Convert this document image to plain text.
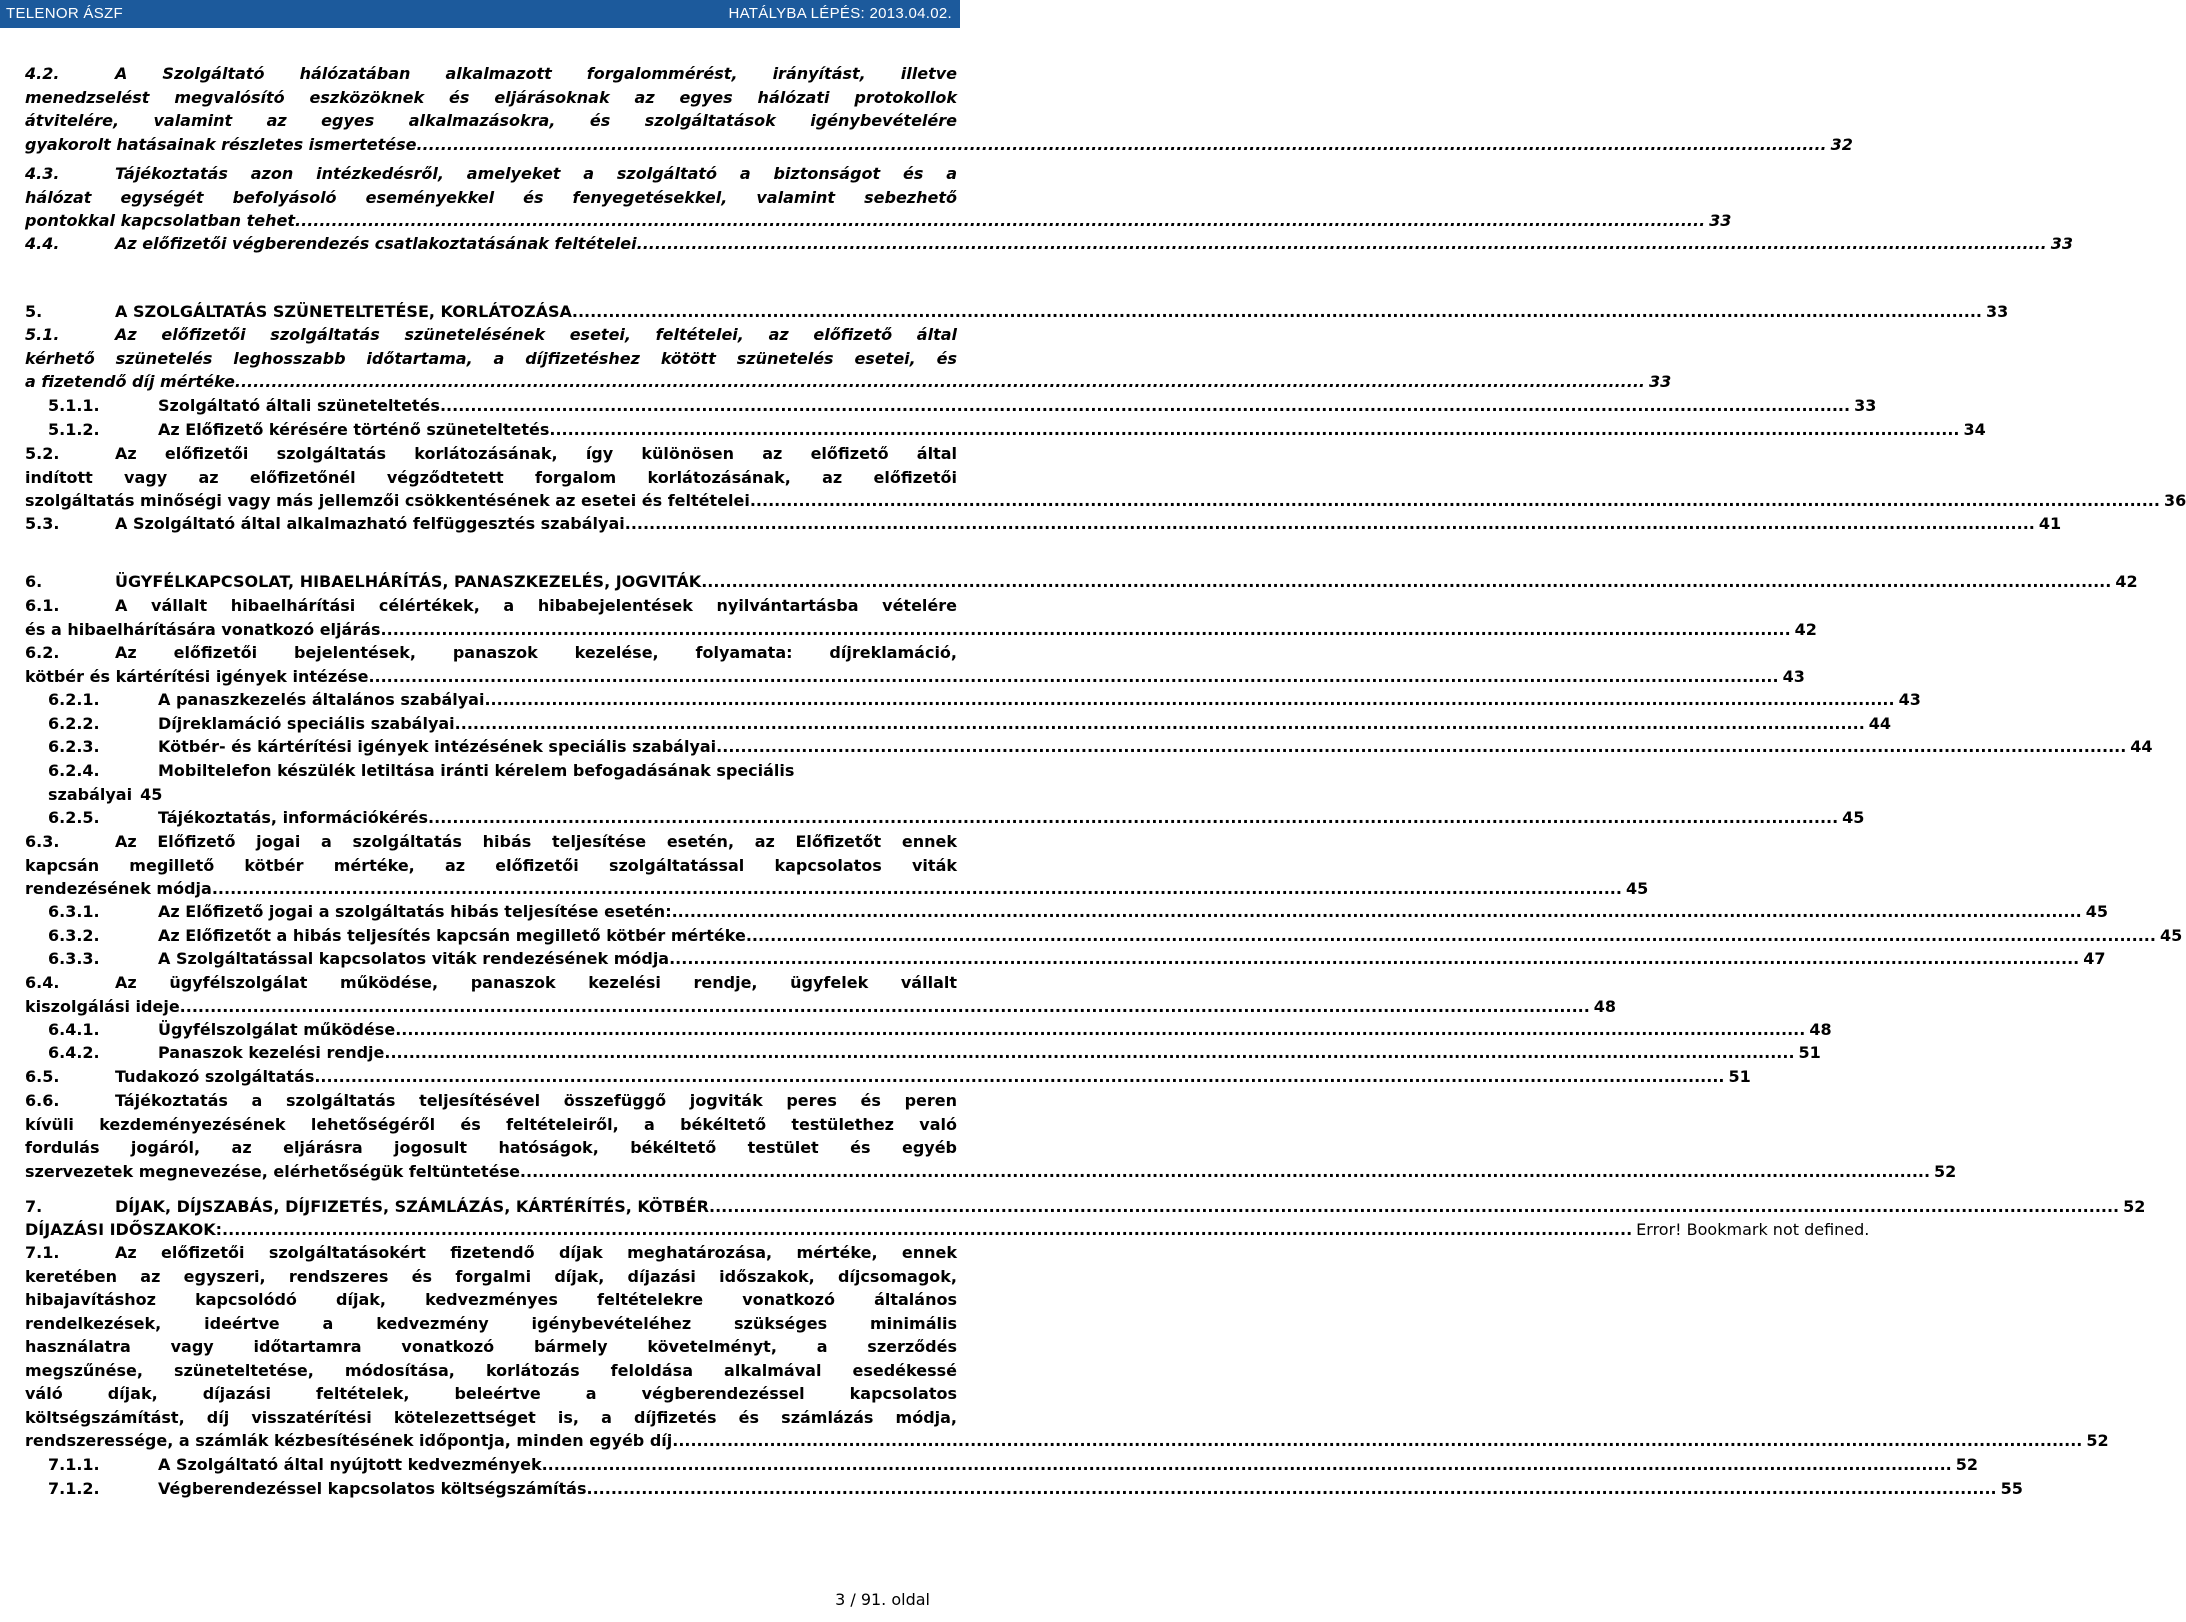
TELENOR ÁSZF	HATÁLYBA LÉPÉS: 2013.04.02.
4.2.	A Szolgáltató hálózatában alkalmazott forgalommérést, irányítást, illetve
menedzselést megvalósító eszközöknek és eljárásoknak az egyes hálózati protokollok
átvitelére, valamint az egyes alkalmazásokra, és szolgáltatások igénybevételére
gyakorolt hatásainak részletes ismertetése .....	32
4.3.	Tájékoztatás azon intézkedésről, amelyeket a szolgáltató a biztonságot és a
hálózat egységét befolyásoló eseményekkel és fenyegetésekkel, valamint sebezhető
pontokkal kapcsolatban tehet .....	33
4.4.	Az előfizetői végberendezés csatlakoztatásának feltételei .....	33
5.	A SZOLGÁLTATÁS SZÜNETELTETÉSE, KORLÁTOZÁSA .....	33
5.1.	Az előfizetői szolgáltatás szünetelésének esetei, feltételei, az előfizető által
kérhető szünetelés leghosszabb időtartama, a díjfizetéshez kötött szünetelés esetei, és
a fizetendő díj mértéke .....	33
5.1.1.	Szolgáltató általi szüneteltetés .....	33
5.1.2.	Az Előfizető kérésére történő szüneteltetés .....	34
5.2.	Az előfizetői szolgáltatás korlátozásának, így különösen az előfizető által
indított vagy az előfizetőnél végződtetett forgalom korlátozásának, az előfizetői
szolgáltatás minőségi vagy más jellemzői csökkentésének az esetei és feltételei .....	36
5.3.	A Szolgáltató által alkalmazható felfüggesztés szabályai .....	41
6.	ÜGYFÉLKAPCSOLAT, HIBAELHÁRÍTÁS, PANASZKEZELÉS, JOGVITÁK .....	42
6.1.	A vállalt hibaelhárítási célértékek, a hibabejelentések nyilvántartásba vételére
és a hibaelhárítására vonatkozó eljárás .....	42
6.2.	Az előfizetői bejelentések, panaszok kezelése, folyamata: díjreklamáció,
kötbér és kártérítési igények intézése .....	43
6.2.1.	A panaszkezelés általános szabályai .....	43
6.2.2.	Díjreklamáció speciális szabályai .....	44
6.2.3.	Kötbér- és kártérítési igények intézésének speciális szabályai .....	44
6.2.4.	Mobiltelefon készülék letiltása iránti kérelem befogadásának speciális
szabályai 45
6.2.5.	Tájékoztatás, információkérés .....	45
6.3.	Az Előfizető jogai a szolgáltatás hibás teljesítése esetén, az Előfizetőt ennek
kapcsán megillető kötbér mértéke, az előfizetői szolgáltatással kapcsolatos viták
rendezésének módja .....	45
6.3.1.	Az Előfizető jogai a szolgáltatás hibás teljesítése esetén: .....	45
6.3.2.	Az Előfizetőt a hibás teljesítés kapcsán megillető kötbér mértéke .....	45
6.3.3.	A Szolgáltatással kapcsolatos viták rendezésének módja .....	47
6.4.	Az ügyfélszolgálat működése, panaszok kezelési rendje, ügyfelek vállalt
kiszolgálási ideje .....	48
6.4.1.	Ügyfélszolgálat működése .....	48
6.4.2.	Panaszok kezelési rendje .....	51
6.5.	Tudakozó szolgáltatás .....	51
6.6.	Tájékoztatás a szolgáltatás teljesítésével összefüggő jogviták peres és peren
kívüli kezdeményezésének lehetőségéről és feltételeiről, a békéltető testülethez való
fordulás jogáról, az eljárásra jogosult hatóságok, békéltető testület és egyéb
szervezetek megnevezése, elérhetőségük feltüntetése .....	52
7.	DÍJAK, DÍJSZABÁS, DÍJFIZETÉS, SZÁMLÁZÁS, KÁRTÉRÍTÉS, KÖTBÉR .....	52
DÍJAZÁSI IDŐSZAKOK: .....	Error! Bookmark not defined.
7.1.	Az előfizetői szolgáltatásokért fizetendő díjak meghatározása, mértéke, ennek
keretében az egyszeri, rendszeres és forgalmi díjak, díjazási időszakok, díjcsomagok,
hibajavításhoz kapcsolódó díjak, kedvezményes feltételekre vonatkozó általános
rendelkezések, ideértve a kedvezmény igénybevételéhez szükséges minimális
használatra vagy időtartamra vonatkozó bármely követelményt, a szerződés
megszűnése, szüneteltetése, módosítása, korlátozás feloldása alkalmával esedékessé
váló díjak, díjazási feltételek, beleértve a végberendezéssel kapcsolatos
költségszámítást, díj visszatérítési kötelezettséget is, a díjfizetés és számlázás módja,
rendszeressége, a számlák kézbesítésének időpontja, minden egyéb díj .....	52
7.1.1.	A Szolgáltató által nyújtott kedvezmények .....	52
7.1.2.	Végberendezéssel kapcsolatos költségszámítás .....	55
3 / 91. oldal
